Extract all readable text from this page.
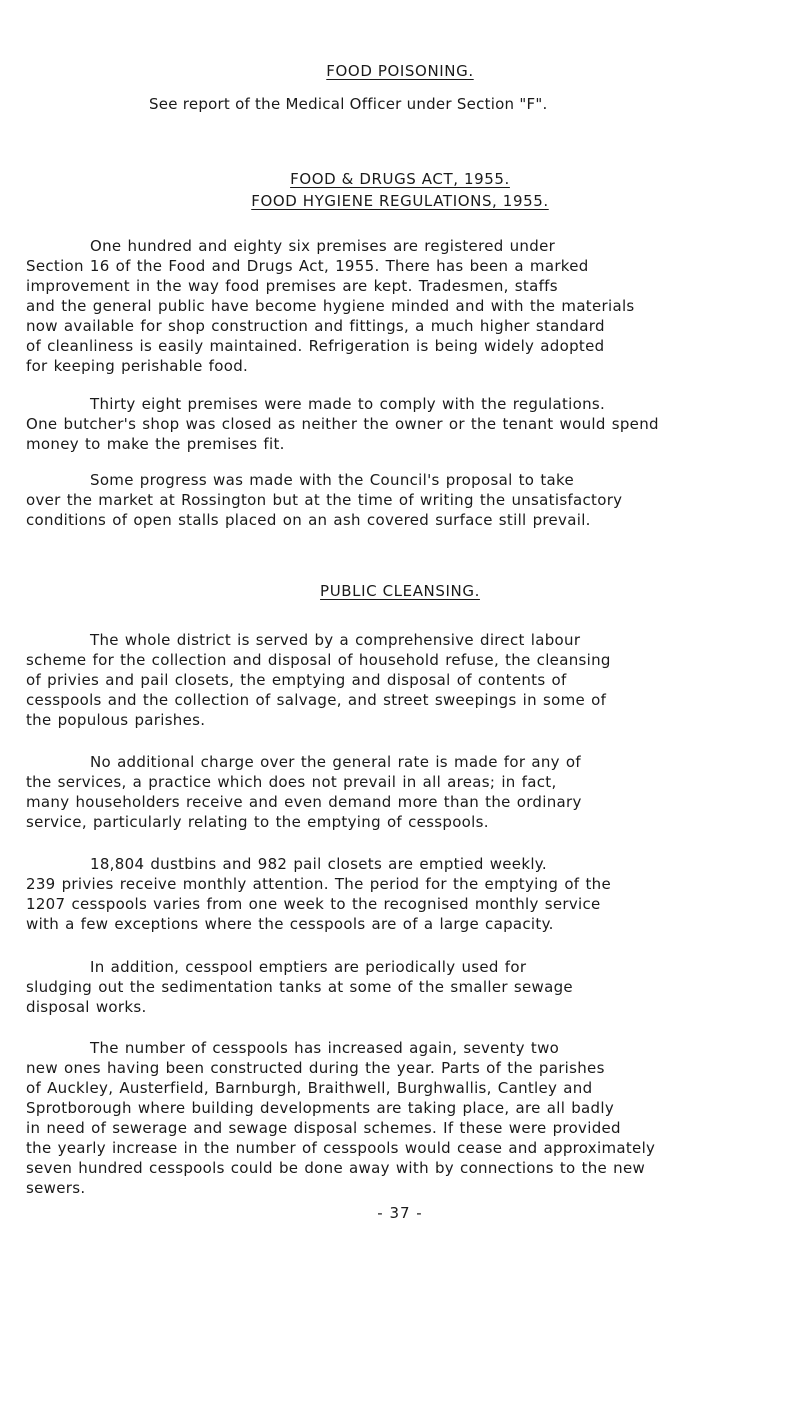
FOOD POISONING.
See report of the Medical Officer under Section "F".
FOOD & DRUGS ACT, 1955.
FOOD HYGIENE REGULATIONS, 1955.

One hundred and eighty six premises are registered under

Section 16 of the Food and Drugs Act, 1955. There has been a marked

improvement in the way food premises are kept. Tradesmen, staffs

and the general public have become hygiene minded and with the materials

now available for shop construction and fittings, a much higher standard

of cleanliness is easily maintained. Refrigeration is being widely adopted

for keeping perishable food.

Thirty eight premises were made to comply with the regulations.

One butcher's shop was closed as neither the owner or the tenant would spend

money to make the premises fit.

Some progress was made with the Council's proposal to take

over the market at Rossington but at the time of writing the unsatisfactory

conditions of open stalls placed on an ash covered surface still prevail.

PUBLIC CLEANSING.

The whole district is served by a comprehensive direct labour

scheme for the collection and disposal of household refuse, the cleansing

of privies and pail closets, the emptying and disposal of contents of

cesspools and the collection of salvage, and street sweepings in some of

the populous parishes.

No additional charge over the general rate is made for any of

the services, a practice which does not prevail in all areas; in fact,

many householders receive and even demand more than the ordinary

service, particularly relating to the emptying of cesspools.

18,804 dustbins and 982 pail closets are emptied weekly.

239 privies receive monthly attention. The period for the emptying of the

1207 cesspools varies from one week to the recognised monthly service

with a few exceptions where the cesspools are of a large capacity.

In addition, cesspool emptiers are periodically used for

sludging out the sedimentation tanks at some of the smaller sewage

disposal works.

The number of cesspools has increased again, seventy two

new ones having been constructed during the year. Parts of the parishes

of Auckley, Austerfield, Barnburgh, Braithwell, Burghwallis, Cantley and

Sprotborough where building developments are taking place, are all badly

in need of sewerage and sewage disposal schemes. If these were provided

the yearly increase in the number of cesspools would cease and approximately

seven hundred cesspools could be done away with by connections to the new

sewers.

- 37 -
